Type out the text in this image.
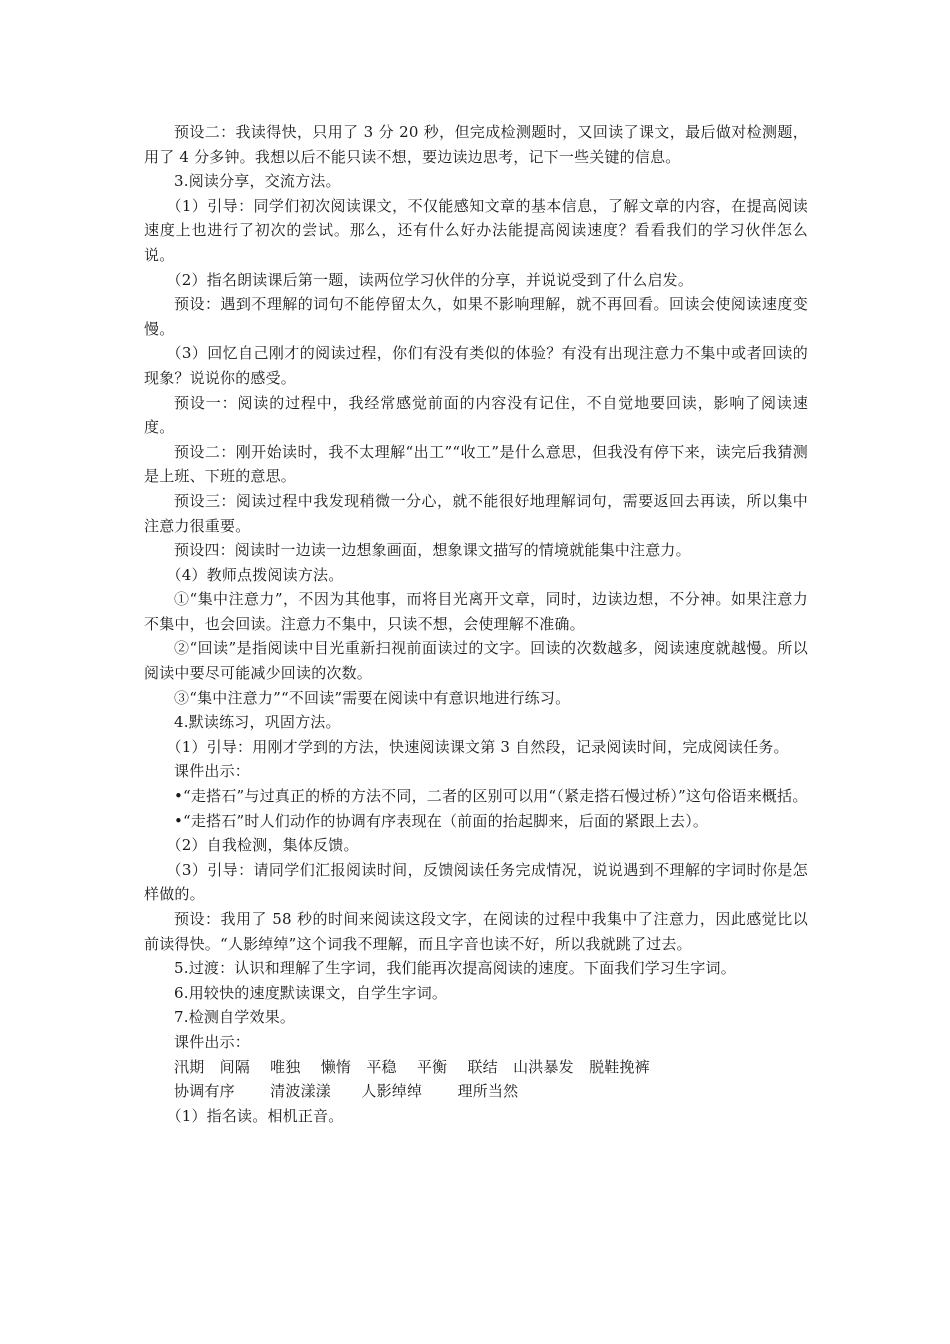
预设二：我读得快，只用了 3 分 20 秒，但完成检测题时，又回读了课文，最后做对检测题，用了 4 分多钟。我想以后不能只读不想，要边读边思考，记下一些关键的信息。

3.阅读分享，交流方法。

（1）引导：同学们初次阅读课文，不仅能感知文章的基本信息，了解文章的内容，在提高阅读速度上也进行了初次的尝试。那么，还有什么好办法能提高阅读速度？看看我们的学习伙伴怎么说。

（2）指名朗读课后第一题，读两位学习伙伴的分享，并说说受到了什么启发。

预设：遇到不理解的词句不能停留太久，如果不影响理解，就不再回看。回读会使阅读速度变慢。

（3）回忆自己刚才的阅读过程，你们有没有类似的体验？有没有出现注意力不集中或者回读的现象？说说你的感受。

预设一：阅读的过程中，我经常感觉前面的内容没有记住，不自觉地要回读，影响了阅读速度。

预设二：刚开始读时，我不太理解“出工”“收工”是什么意思，但我没有停下来，读完后我猜测是上班、下班的意思。

预设三：阅读过程中我发现稍微一分心，就不能很好地理解词句，需要返回去再读，所以集中注意力很重要。

预设四：阅读时一边读一边想象画面，想象课文描写的情境就能集中注意力。

（4）教师点拨阅读方法。

①“集中注意力”，不因为其他事，而将目光离开文章，同时，边读边想，不分神。如果注意力不集中，也会回读。注意力不集中，只读不想，会使理解不准确。

②“回读”是指阅读中目光重新扫视前面读过的文字。回读的次数越多，阅读速度就越慢。所以阅读中要尽可能减少回读的次数。

③“集中注意力”“不回读”需要在阅读中有意识地进行练习。

4.默读练习，巩固方法。

（1）引导：用刚才学到的方法，快速阅读课文第 3 自然段，记录阅读时间，完成阅读任务。

课件出示：

•“走搭石”与过真正的桥的方法不同，二者的区别可以用“（紧走搭石慢过桥）”这句俗语来概括。

•“走搭石”时人们动作的协调有序表现在（前面的抬起脚来，后面的紧跟上去）。

（2）自我检测，集体反馈。

（3）引导：请同学们汇报阅读时间，反馈阅读任务完成情况，说说遇到不理解的字词时你是怎样做的。

预设：我用了 58 秒的时间来阅读这段文字，在阅读的过程中我集中了注意力，因此感觉比以前读得快。“人影绰绰”这个词我不理解，而且字音也读不好，所以我就跳了过去。

5.过渡：认识和理解了生字词，我们能再次提高阅读的速度。下面我们学习生字词。

6.用较快的速度默读课文，自学生字词。

7.检测自学效果。

课件出示：

汛期　间隔　 唯独　 懒惰　平稳　 平衡　 联结　山洪暴发　脱鞋挽裤

协调有序　　 清波漾漾　　人影绰绰　　 理所当然

（1）指名读。相机正音。
